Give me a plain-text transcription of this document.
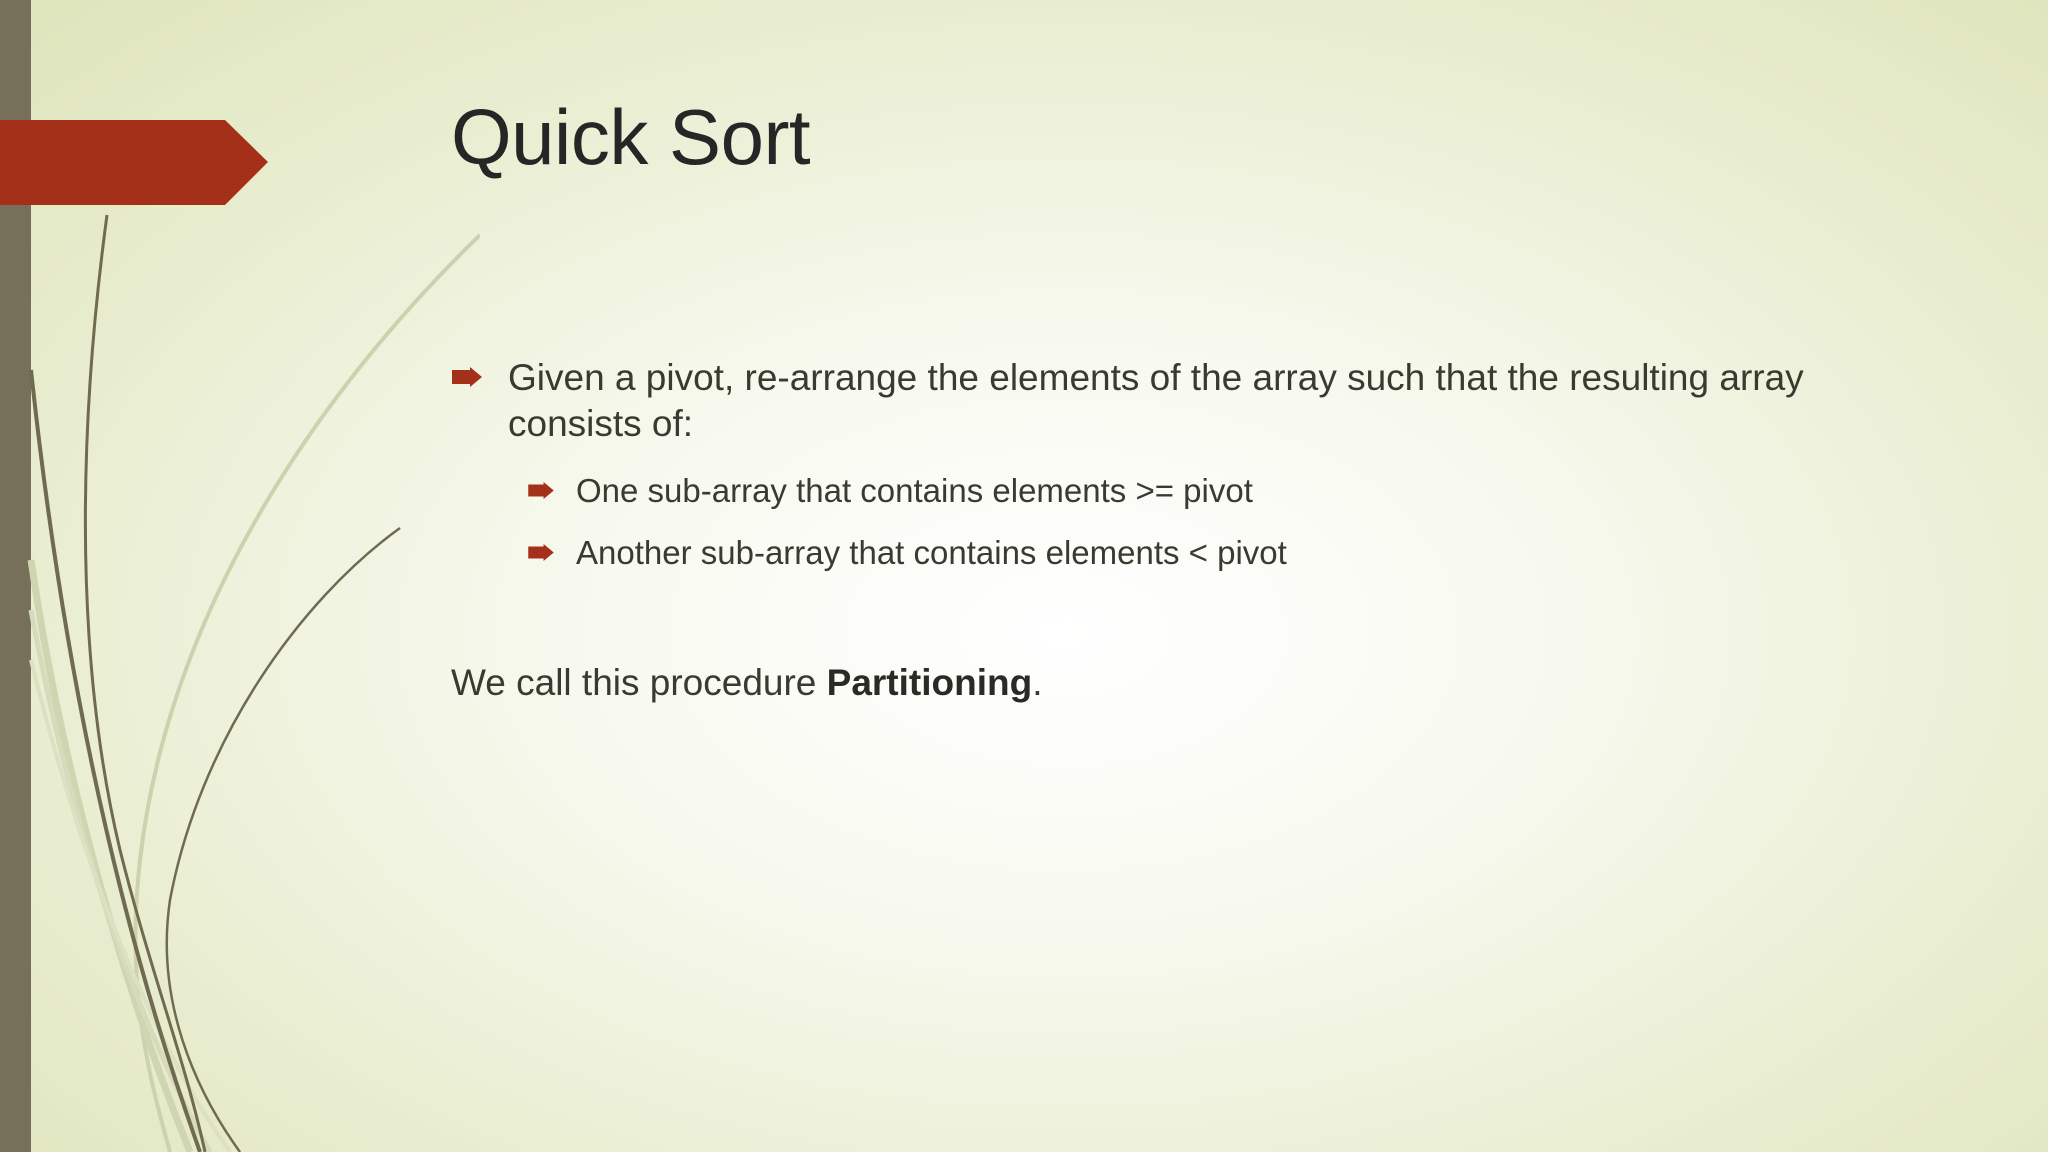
Quick Sort
Given a pivot, re-arrange the elements of the array such that the resulting array consists of:
One sub-array that contains elements >= pivot
Another sub-array that contains elements < pivot
We call this procedure Partitioning.
